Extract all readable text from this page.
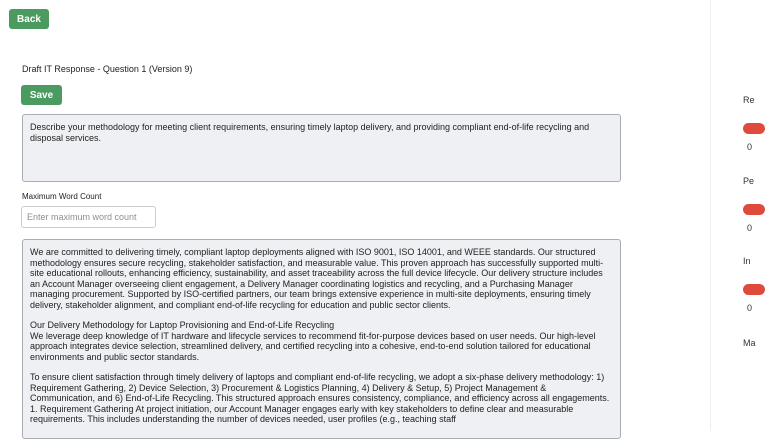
Back
Draft IT Response - Question 1 (Version 9)
Save
Describe your methodology for meeting client requirements, ensuring timely laptop delivery, and providing compliant end-of-life recycling and disposal services.
Maximum Word Count
Enter maximum word count

We are committed to delivering timely, compliant laptop deployments aligned with ISO 9001, ISO 14001, and WEEE standards. Our structured methodology ensures secure recycling, stakeholder satisfaction, and measurable value. This proven approach has successfully supported multi-site educational rollouts, enhancing efficiency, sustainability, and asset traceability across the full device lifecycle. Our delivery structure includes an Account Manager overseeing client engagement, a Delivery Manager coordinating logistics and recycling, and a Purchasing Manager managing procurement. Supported by ISO-certified partners, our team brings extensive experience in multi-site deployments, ensuring timely delivery, stakeholder alignment, and compliant end-of-life recycling for education and public sector clients.

Our Delivery Methodology for Laptop Provisioning and End-of-Life Recycling
We leverage deep knowledge of IT hardware and lifecycle services to recommend fit-for-purpose devices based on user needs. Our high-level approach integrates device selection, streamlined delivery, and certified recycling into a cohesive, end-to-end solution tailored for educational environments and public sector standards.

To ensure client satisfaction through timely delivery of laptops and compliant end-of-life recycling, we adopt a six-phase delivery methodology: 1) Requirement Gathering, 2) Device Selection, 3) Procurement & Logistics Planning, 4) Delivery & Setup, 5) Project Management & Communication, and 6) End-of-Life Recycling. This structured approach ensures consistency, compliance, and efficiency across all engagements. 1. Requirement Gathering At project initiation, our Account Manager engages early with key stakeholders to define clear and measurable requirements. This includes understanding the number of devices needed, user profiles (e.g., teaching staff

Re
0
Pe
0
In
0
Ma
